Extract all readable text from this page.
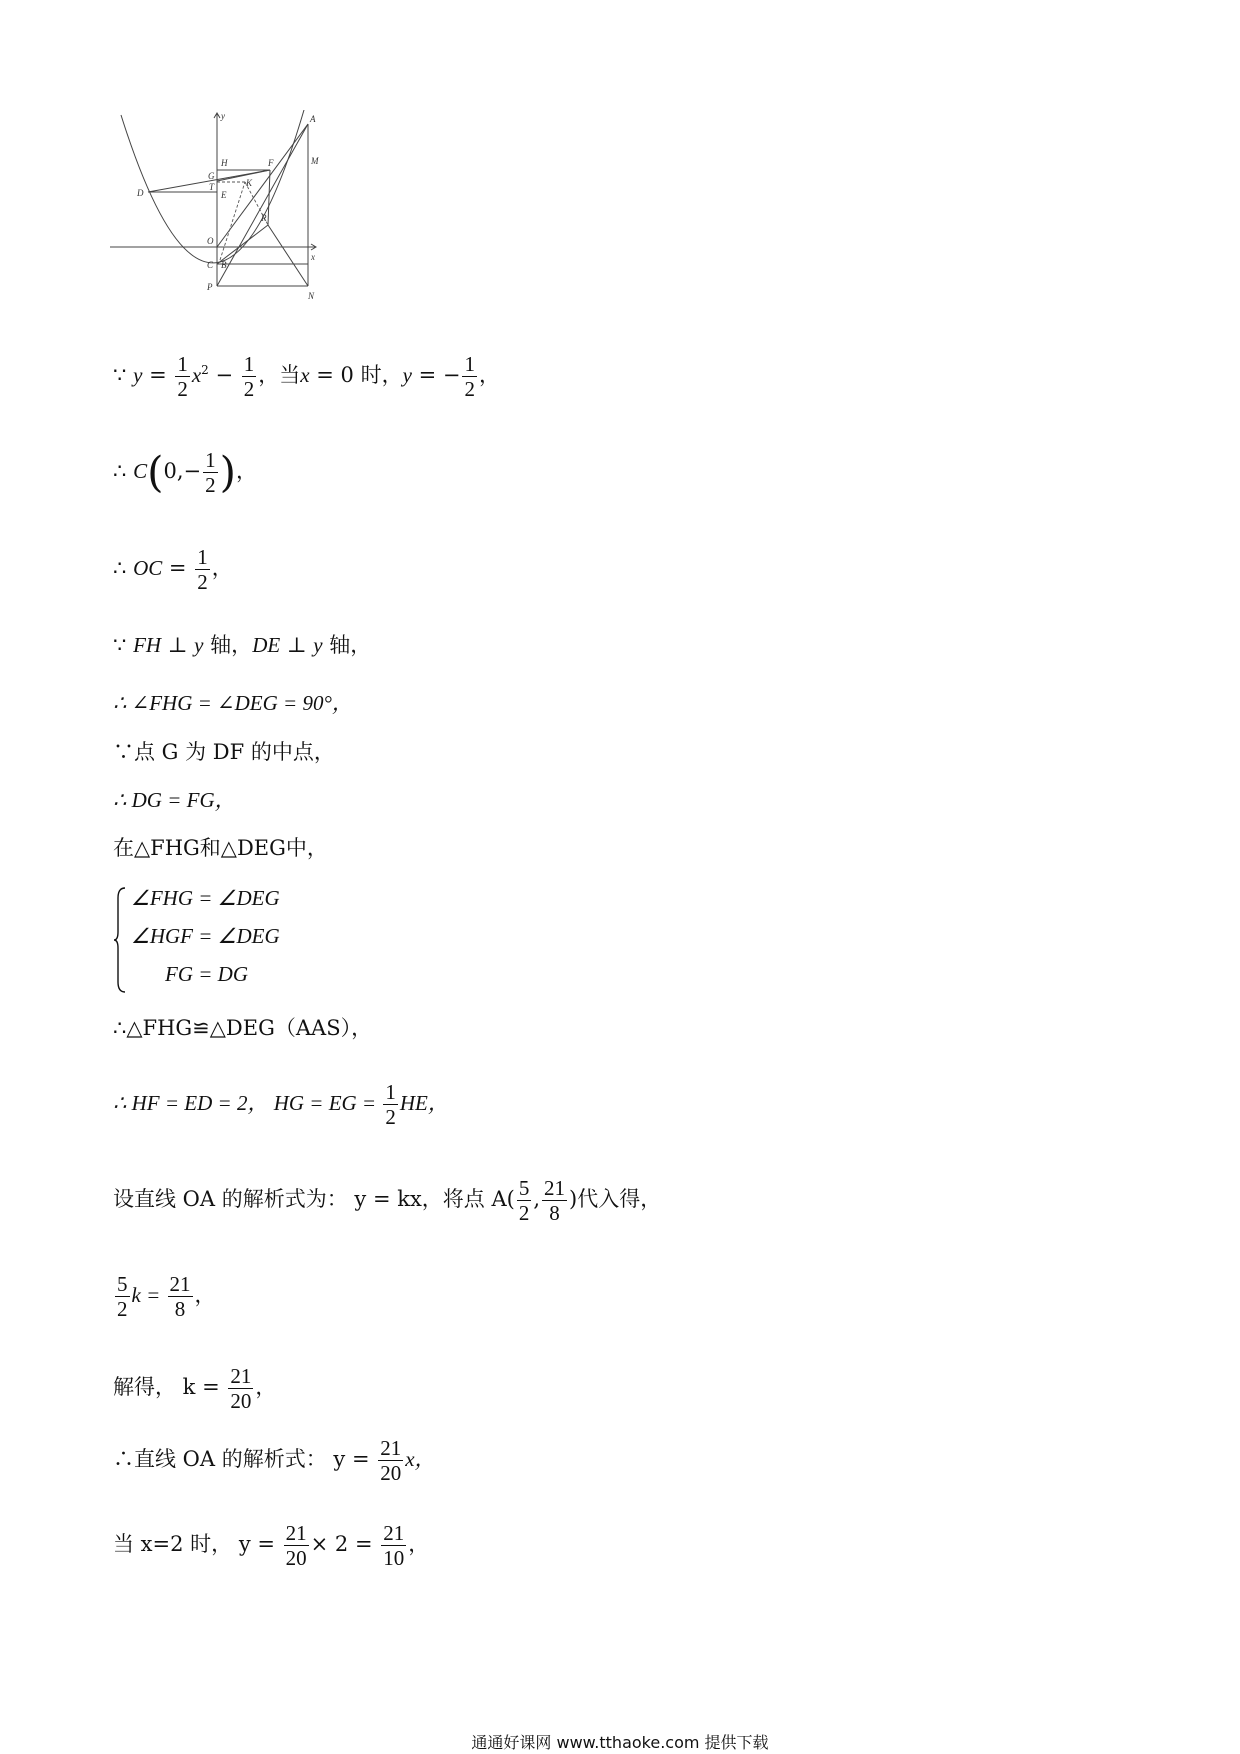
y
x
A
M
H	F
G
T	K
E
D
R
O
C B
P
N
∵ $y = \frac{1}{2} x^2 - \frac{1}{2}$ ，当x = 0 时，y = − $\frac{1}{2}$ ，
∴ $C(0,- \frac{1}{2}$ )，
∴ OC = $\frac{1}{2}$ ，
∵ FH ⊥ y 轴，DE ⊥ y 轴，
∴ ∠FHG = ∠DEG = 90°，
∵点 G 为 DF 的中点，
∴ DG = FG，
在△FHG和△DEG中，
∠FHG = ∠DEG
∠HGF = ∠DEG
FG = DG
∴△FHG≌△DEG（AAS），
∴ HF = ED = 2， HG = EG = $\frac{1}{2}$ HE，
设直线 OA 的解析式为： y = kx，将点 $A( \frac{5}{2}$ , $\frac{21}{8}$ )代入得，
$\frac{5}{2}$ $k = \frac{21}{8}$ ，
解得， $k = \frac{21}{20}$ ，
∴直线 OA 的解析式： $y = \frac{21}{20}$ x，
当 x=2 时， $y = \frac{21}{20} \times 2 = \frac{21}{10}$ ，
通通好课网 www.tthaoke.com 提供下载
